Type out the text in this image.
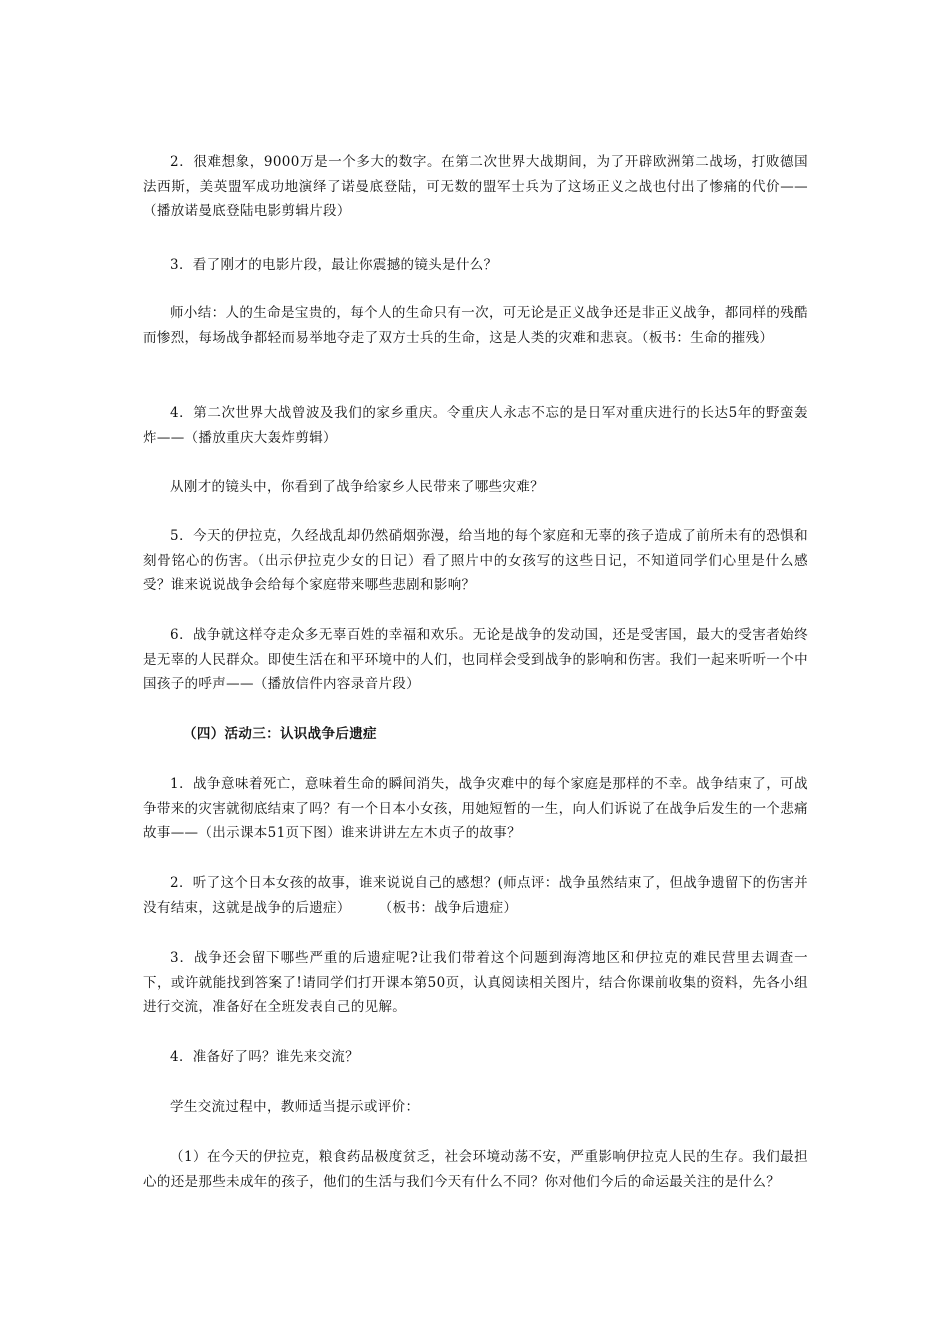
2．很难想象，9000万是一个多大的数字。在第二次世界大战期间，为了开辟欧洲第二战场，打败德国法西斯，美英盟军成功地演绎了诺曼底登陆，可无数的盟军士兵为了这场正义之战也付出了惨痛的代价——（播放诺曼底登陆电影剪辑片段）

3．看了刚才的电影片段，最让你震撼的镜头是什么？

师小结：人的生命是宝贵的，每个人的生命只有一次，可无论是正义战争还是非正义战争，都同样的残酷而惨烈，每场战争都轻而易举地夺走了双方士兵的生命，这是人类的灾难和悲哀。（板书：生命的摧残）

4．第二次世界大战曾波及我们的家乡重庆。令重庆人永志不忘的是日军对重庆进行的长达5年的野蛮轰炸——（播放重庆大轰炸剪辑）

从刚才的镜头中，你看到了战争给家乡人民带来了哪些灾难？

5．今天的伊拉克，久经战乱却仍然硝烟弥漫，给当地的每个家庭和无辜的孩子造成了前所未有的恐惧和刻骨铭心的伤害。（出示伊拉克少女的日记）看了照片中的女孩写的这些日记，不知道同学们心里是什么感受？谁来说说战争会给每个家庭带来哪些悲剧和影响？

6．战争就这样夺走众多无辜百姓的幸福和欢乐。无论是战争的发动国，还是受害国，最大的受害者始终是无辜的人民群众。即使生活在和平环境中的人们，也同样会受到战争的影响和伤害。我们一起来听听一个中国孩子的呼声——（播放信件内容录音片段）

（四）活动三：认识战争后遗症

1．战争意味着死亡，意味着生命的瞬间消失，战争灾难中的每个家庭是那样的不幸。战争结束了，可战争带来的灾害就彻底结束了吗？有一个日本小女孩，用她短暂的一生，向人们诉说了在战争后发生的一个悲痛故事——（出示课本51页下图）谁来讲讲左左木贞子的故事？

2．听了这个日本女孩的故事，谁来说说自己的感想？(师点评：战争虽然结束了，但战争遗留下的伤害并没有结束，这就是战争的后遗症）　　　（板书：战争后遗症）

3．战争还会留下哪些严重的后遗症呢?让我们带着这个问题到海湾地区和伊拉克的难民营里去调查一下，或许就能找到答案了!请同学们打开课本第50页，认真阅读相关图片，结合你课前收集的资料，先各小组进行交流，准备好在全班发表自己的见解。

4．准备好了吗？谁先来交流？

学生交流过程中，教师适当提示或评价：

（1）在今天的伊拉克，粮食药品极度贫乏，社会环境动荡不安，严重影响伊拉克人民的生存。我们最担心的还是那些未成年的孩子，他们的生活与我们今天有什么不同？你对他们今后的命运最关注的是什么？
